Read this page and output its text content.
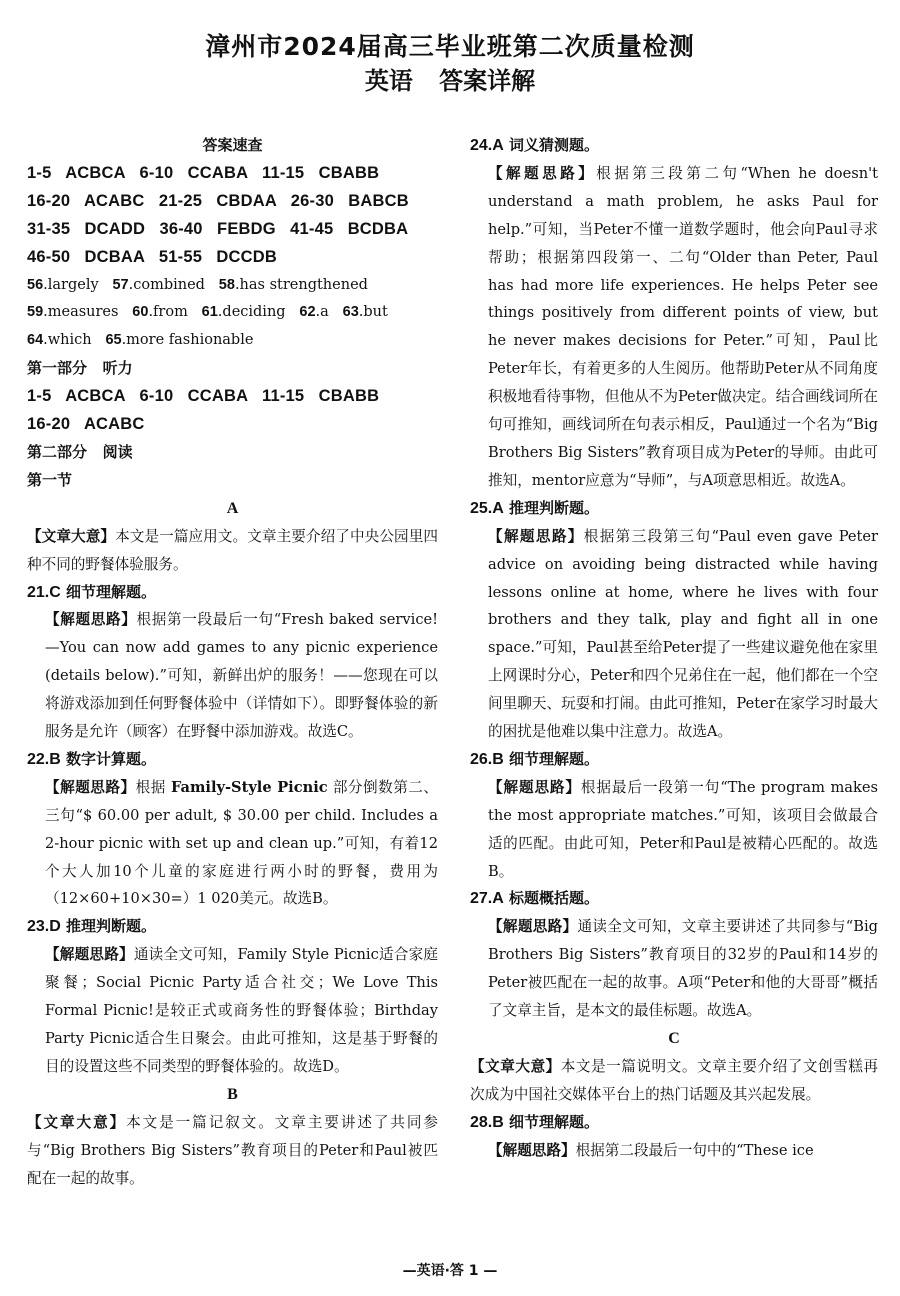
漳州市2024届高三毕业班第二次质量检测
英语 答案详解

答案速查

1-5   ACBCA   6-10   CCABA   11-15   CBABB

16-20   ACABC   21-25   CBDAA   26-30   BABCB

31-35   DCADD   36-40   FEBDG   41-45   BCDBA

46-50   DCBAA   51-55   DCCDB

56.largely 57.combined 58.has strengthened

59.measures 60.from 61.deciding 62.a 63.but

64.which 65.more fashionable

第一部分   听力

1-5   ACBCA   6-10   CCABA   11-15   CBABB

16-20   ACABC

第二部分   阅读

第一节

A

【文章大意】本文是一篇应用文。文章主要介绍了中央公园里四种不同的野餐体验服务。

21.C 细节理解题。

【解题思路】根据第一段最后一句“Fresh baked service! —You can now add games to any picnic experience (details below).”可知，新鲜出炉的服务！——您现在可以将游戏添加到任何野餐体验中（详情如下）。即野餐体验的新服务是允许（顾客）在野餐中添加游戏。故选C。

22.B 数字计算题。

【解题思路】根据 Family-Style Picnic 部分倒数第二、三句“$ 60.00 per adult, $ 30.00 per child. Includes a 2-hour picnic with set up and clean up.”可知，有着12个大人加10个儿童的家庭进行两小时的野餐，费用为（12×60+10×30=）1 020美元。故选B。

23.D 推理判断题。

【解题思路】通读全文可知，Family Style Picnic适合家庭聚餐；Social Picnic Party适合社交；We Love This Formal Picnic!是较正式或商务性的野餐体验；Birthday Party Picnic适合生日聚会。由此可推知，这是基于野餐的目的设置这些不同类型的野餐体验的。故选D。

B

【文章大意】本文是一篇记叙文。文章主要讲述了共同参与“Big Brothers Big Sisters”教育项目的Peter和Paul被匹配在一起的故事。

24.A 词义猜测题。

【解题思路】根据第三段第二句“When he doesn't understand a math problem, he asks Paul for help.”可知，当Peter不懂一道数学题时，他会向Paul寻求帮助；根据第四段第一、二句“Older than Peter, Paul has had more life experiences. He helps Peter see things positively from different points of view, but he never makes decisions for Peter.”可知，Paul比Peter年长，有着更多的人生阅历。他帮助Peter从不同角度积极地看待事物，但他从不为Peter做决定。结合画线词所在句可推知，画线词所在句表示相反，Paul通过一个名为“Big Brothers Big Sisters”教育项目成为Peter的导师。由此可推知，mentor应意为“导师”，与A项意思相近。故选A。

25.A 推理判断题。

【解题思路】根据第三段第三句“Paul even gave Peter advice on avoiding being distracted while having lessons online at home, where he lives with four brothers and they talk, play and fight all in one space.”可知，Paul甚至给Peter提了一些建议避免他在家里上网课时分心，Peter和四个兄弟住在一起，他们都在一个空间里聊天、玩耍和打闹。由此可推知，Peter在家学习时最大的困扰是他难以集中注意力。故选A。

26.B 细节理解题。

【解题思路】根据最后一段第一句“The program makes the most appropriate matches.”可知，该项目会做最合适的匹配。由此可知，Peter和Paul是被精心匹配的。故选B。

27.A 标题概括题。

【解题思路】通读全文可知，文章主要讲述了共同参与“Big Brothers Big Sisters”教育项目的32岁的Paul和14岁的Peter被匹配在一起的故事。A项“Peter和他的大哥哥”概括了文章主旨，是本文的最佳标题。故选A。

C

【文章大意】本文是一篇说明文。文章主要介绍了文创雪糕再次成为中国社交媒体平台上的热门话题及其兴起发展。

28.B 细节理解题。

【解题思路】根据第二段最后一句中的“These ice

—英语·答 1 —
